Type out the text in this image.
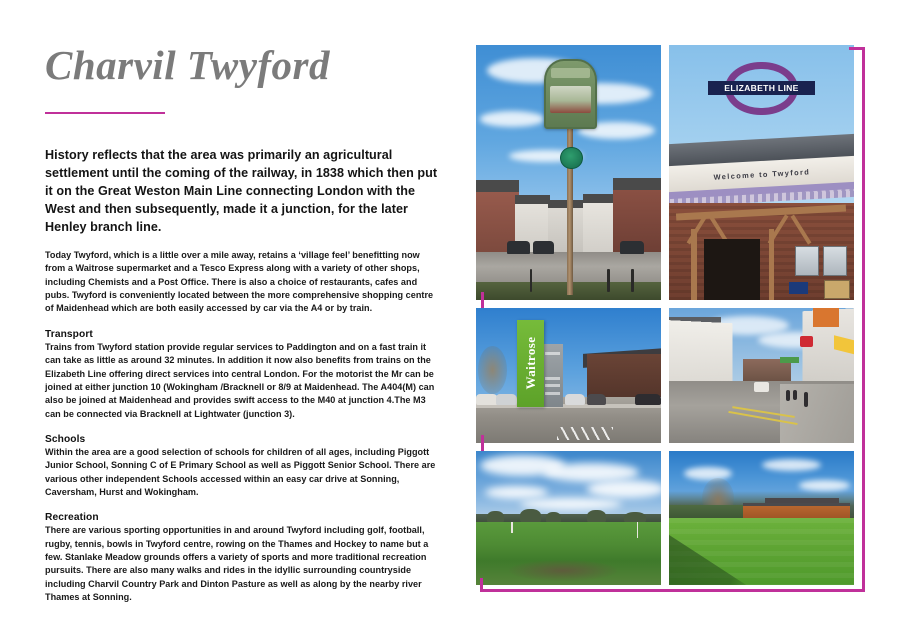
Charvil Twyford

History reflects that the area was primarily an agricultural settlement until the coming of the railway, in 1838 which then put it on the Great Weston Main Line connecting London with the West and then subsequently, made it a junction, for the later Henley branch line.

Today Twyford, which is a little over a mile away, retains a ‘village feel’ benefitting now from a Waitrose supermarket and a Tesco Express along with a variety of other shops, including Chemists and a Post Office. There is also a choice of restaurants, cafes and pubs. Twyford is conveniently located between the more comprehensive shopping centre of Maidenhead which are both easily accessed by car via the A4 or by train.

Transport

Trains from Twyford station provide regular services to Paddington and on a fast train it can take as little as around 32 minutes. In addition it now also benefits from trains on the Elizabeth Line offering direct services into central London. For the motorist the Mr can be joined at either junction 10 (Wokingham /Bracknell or 8/9 at Maidenhead. The A404(M) can also be joined at Maidenhead and provides swift access to the M40 at junction 4.The M3 can be connected via Bracknell at Lightwater (junction 3).

Schools

Within the area are a good selection of schools for children of all ages, including Piggott Junior School, Sonning C of E Primary School as well as Piggott Senior School. There are various other independent Schools accessed within an easy car drive at Sonning, Caversham, Hurst and Wokingham.

Recreation

There are various sporting opportunities in and around Twyford including golf, football, rugby, tennis, bowls in Twyford centre, rowing on the Thames and Hockey to name but a few. Stanlake Meadow grounds offers a variety of sports and more traditional recreation pursuits. There are also many walks and rides in the idyllic surrounding countryside including Charvil Country Park and Dinton Pasture as well as along by the nearby river Thames at Sonning.

ELIZABETH LINE
Welcome to Twyford
Waitrose
